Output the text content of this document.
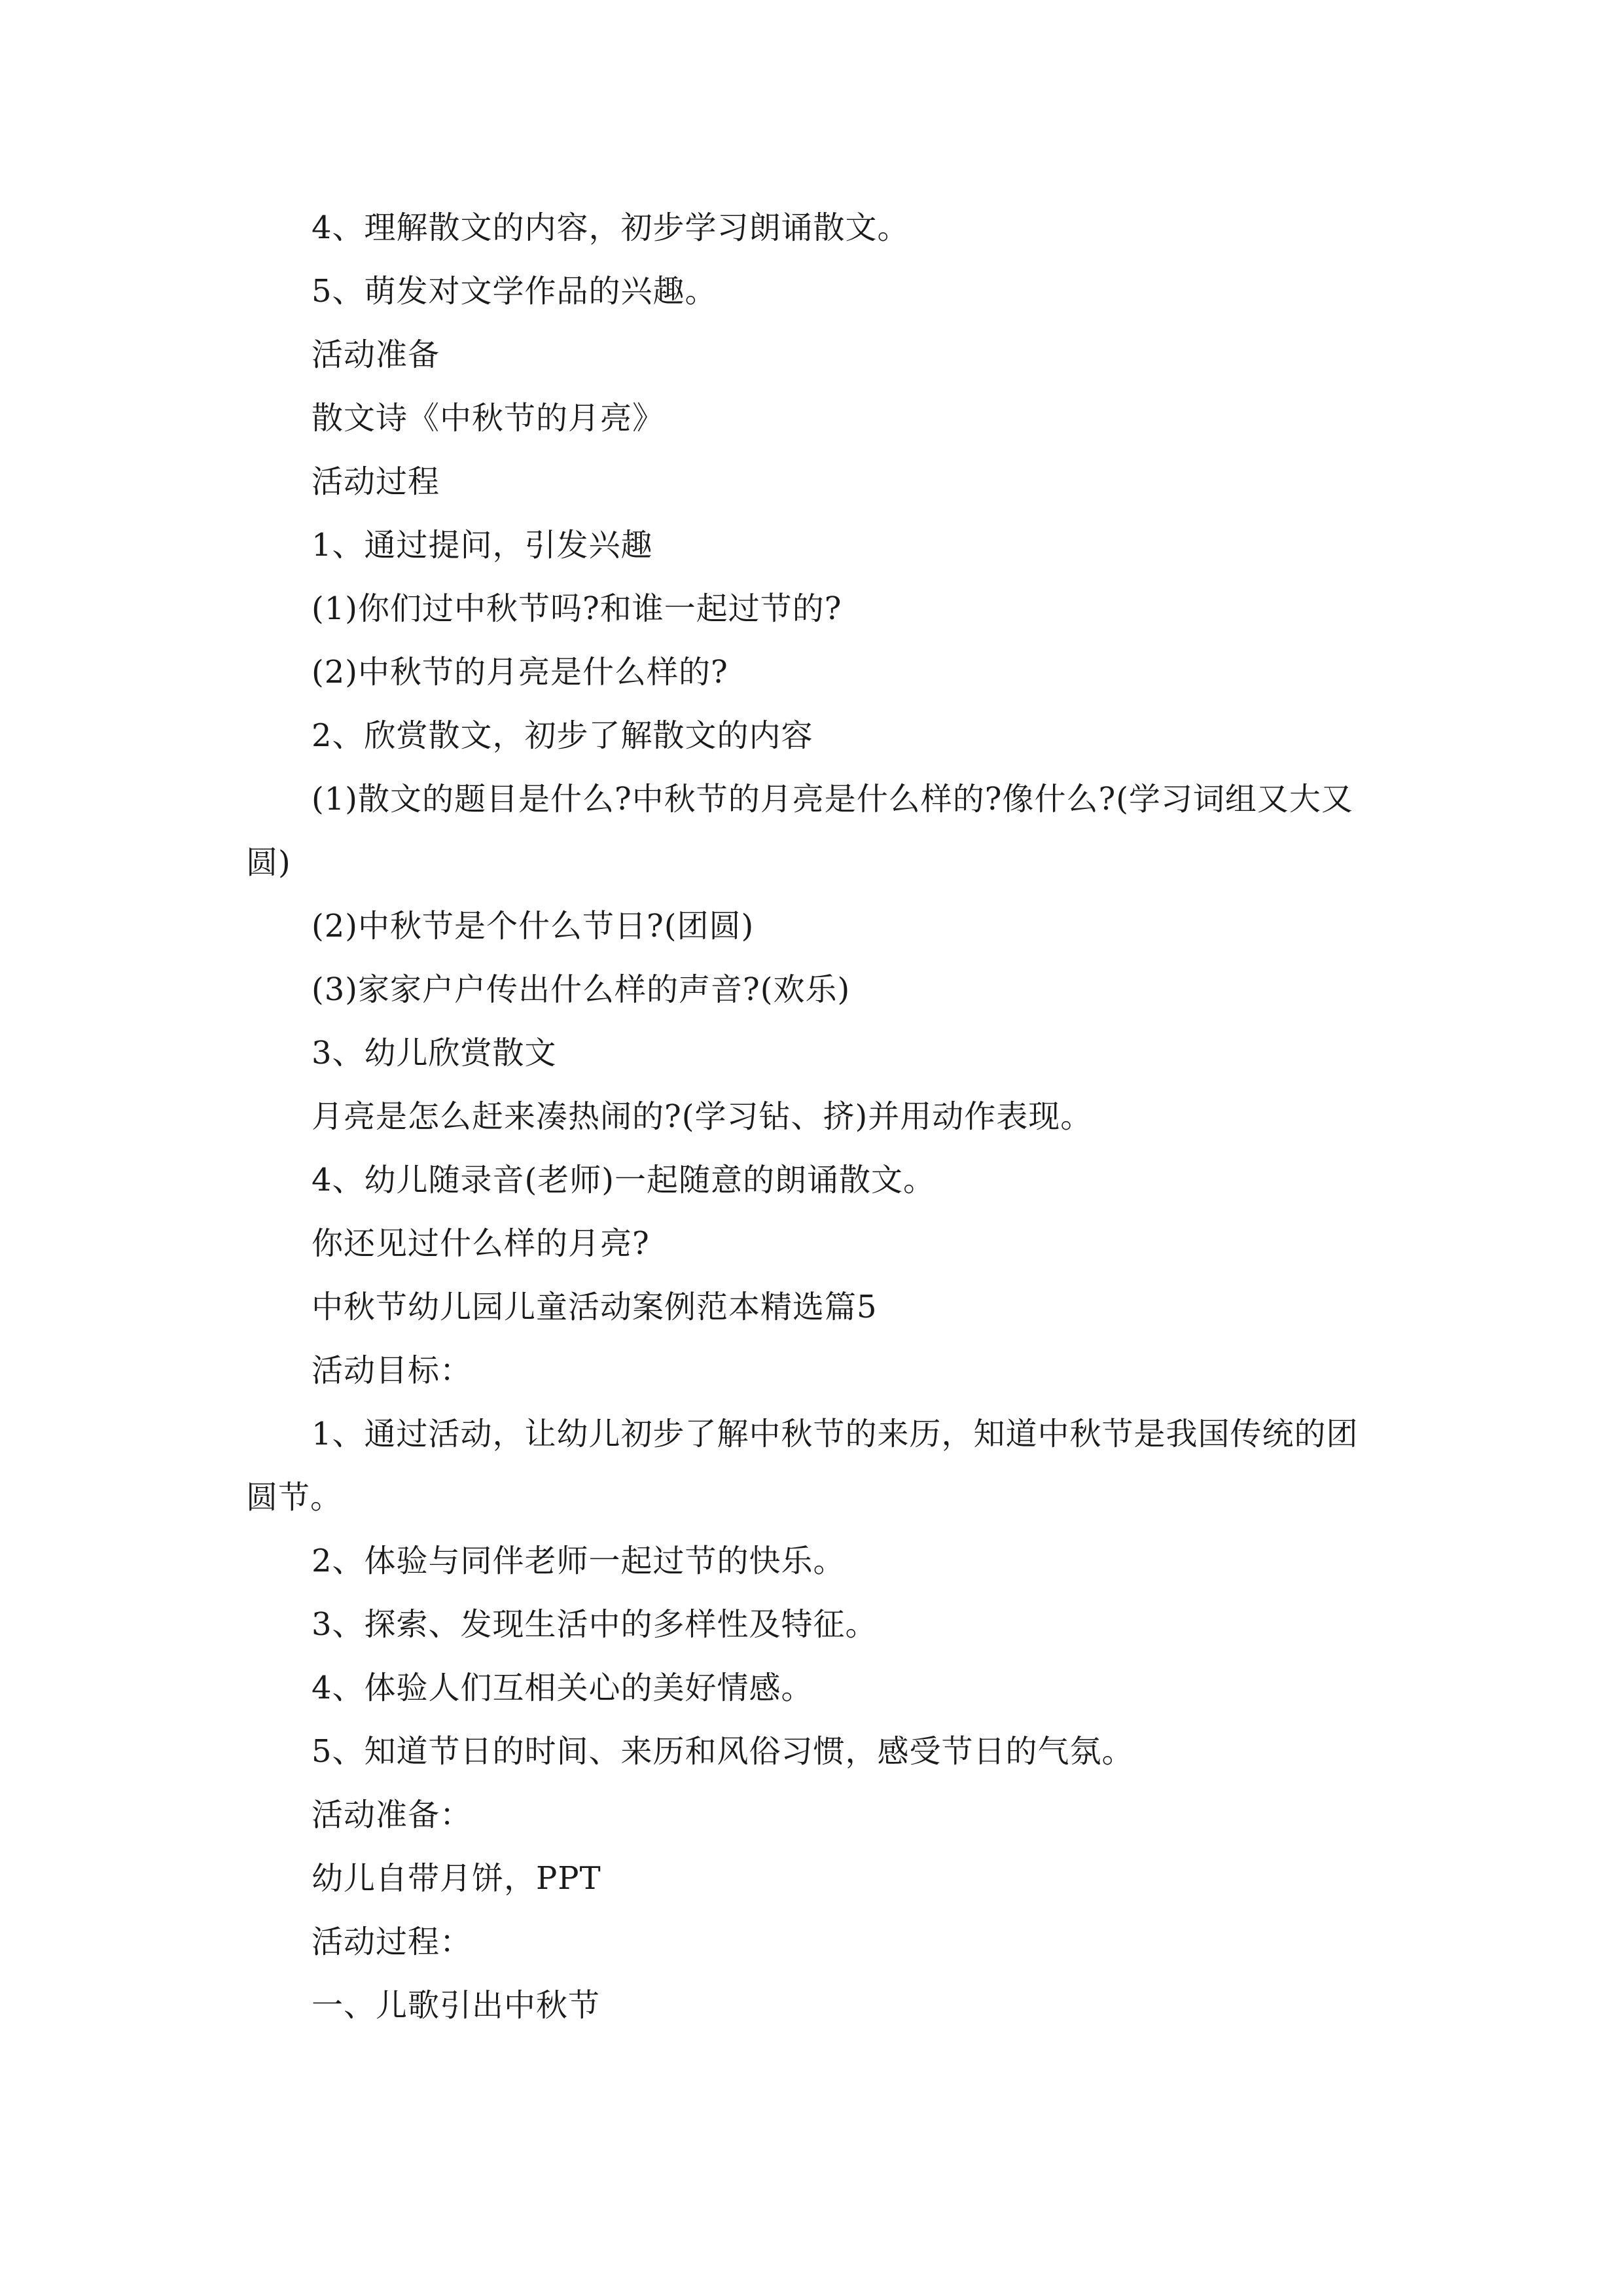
4、理解散文的内容，初步学习朗诵散文。

5、萌发对文学作品的兴趣。

活动准备

散文诗《中秋节的月亮》

活动过程

1、通过提问，引发兴趣

(1)你们过中秋节吗?和谁一起过节的?

(2)中秋节的月亮是什么样的?

2、欣赏散文，初步了解散文的内容

(1)散文的题目是什么?中秋节的月亮是什么样的?像什么?(学习词组又大又圆)

(2)中秋节是个什么节日?(团圆)

(3)家家户户传出什么样的声音?(欢乐)

3、幼儿欣赏散文

月亮是怎么赶来凑热闹的?(学习钻、挤)并用动作表现。

4、幼儿随录音(老师)一起随意的朗诵散文。

你还见过什么样的月亮?

中秋节幼儿园儿童活动案例范本精选篇5

活动目标：

1、通过活动，让幼儿初步了解中秋节的来历，知道中秋节是我国传统的团圆节。

2、体验与同伴老师一起过节的快乐。

3、探索、发现生活中的多样性及特征。

4、体验人们互相关心的美好情感。

5、知道节日的时间、来历和风俗习惯，感受节日的气氛。

活动准备：

幼儿自带月饼，PPT

活动过程：

一、儿歌引出中秋节
